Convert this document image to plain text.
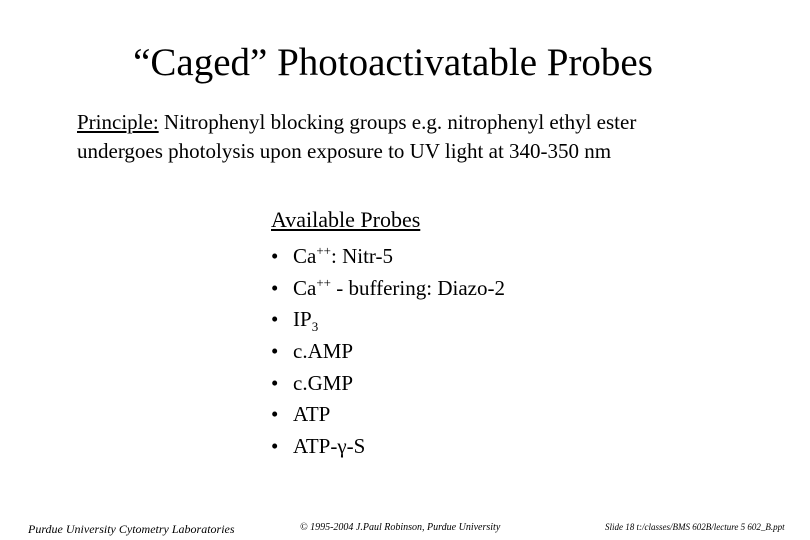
“Caged” Photoactivatable Probes
Principle: Nitrophenyl blocking groups e.g. nitrophenyl ethyl ester
undergoes photolysis upon exposure to UV light at 340-350 nm
Available Probes
• Ca++: Nitr-5
• Ca++ - buffering: Diazo-2
• $IP_3$
• c.AMP
• c.GMP
• ATP
• ATP-γ-S
Purdue University Cytometry Laboratories	© 1995-2004 J.Paul Robinson, Purdue University	Slide 18 t:/classes/BMS 602B/lecture 5 602_B.ppt
